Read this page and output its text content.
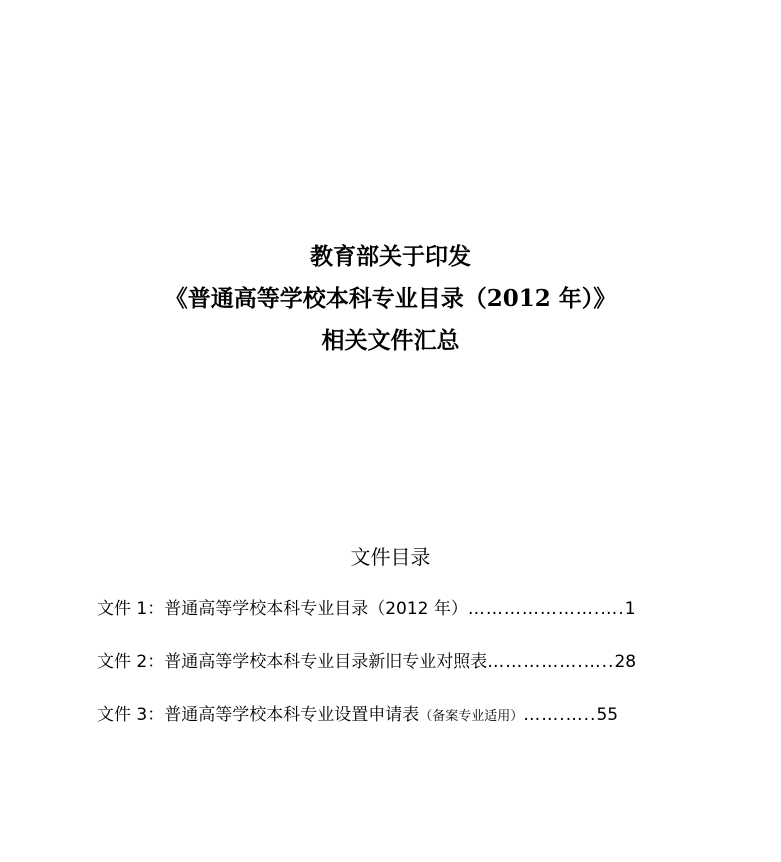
教育部关于印发
《普通高等学校本科专业目录（2012 年）》
相关文件汇总
文件目录
文件 1：普通高等学校本科专业目录（2012 年）………………….….1
文件 2：普通高等学校本科专业目录新旧专业对照表…………….…..28
文件 3：普通高等学校本科专业设置申请表（备案专业适用）…….…..55
